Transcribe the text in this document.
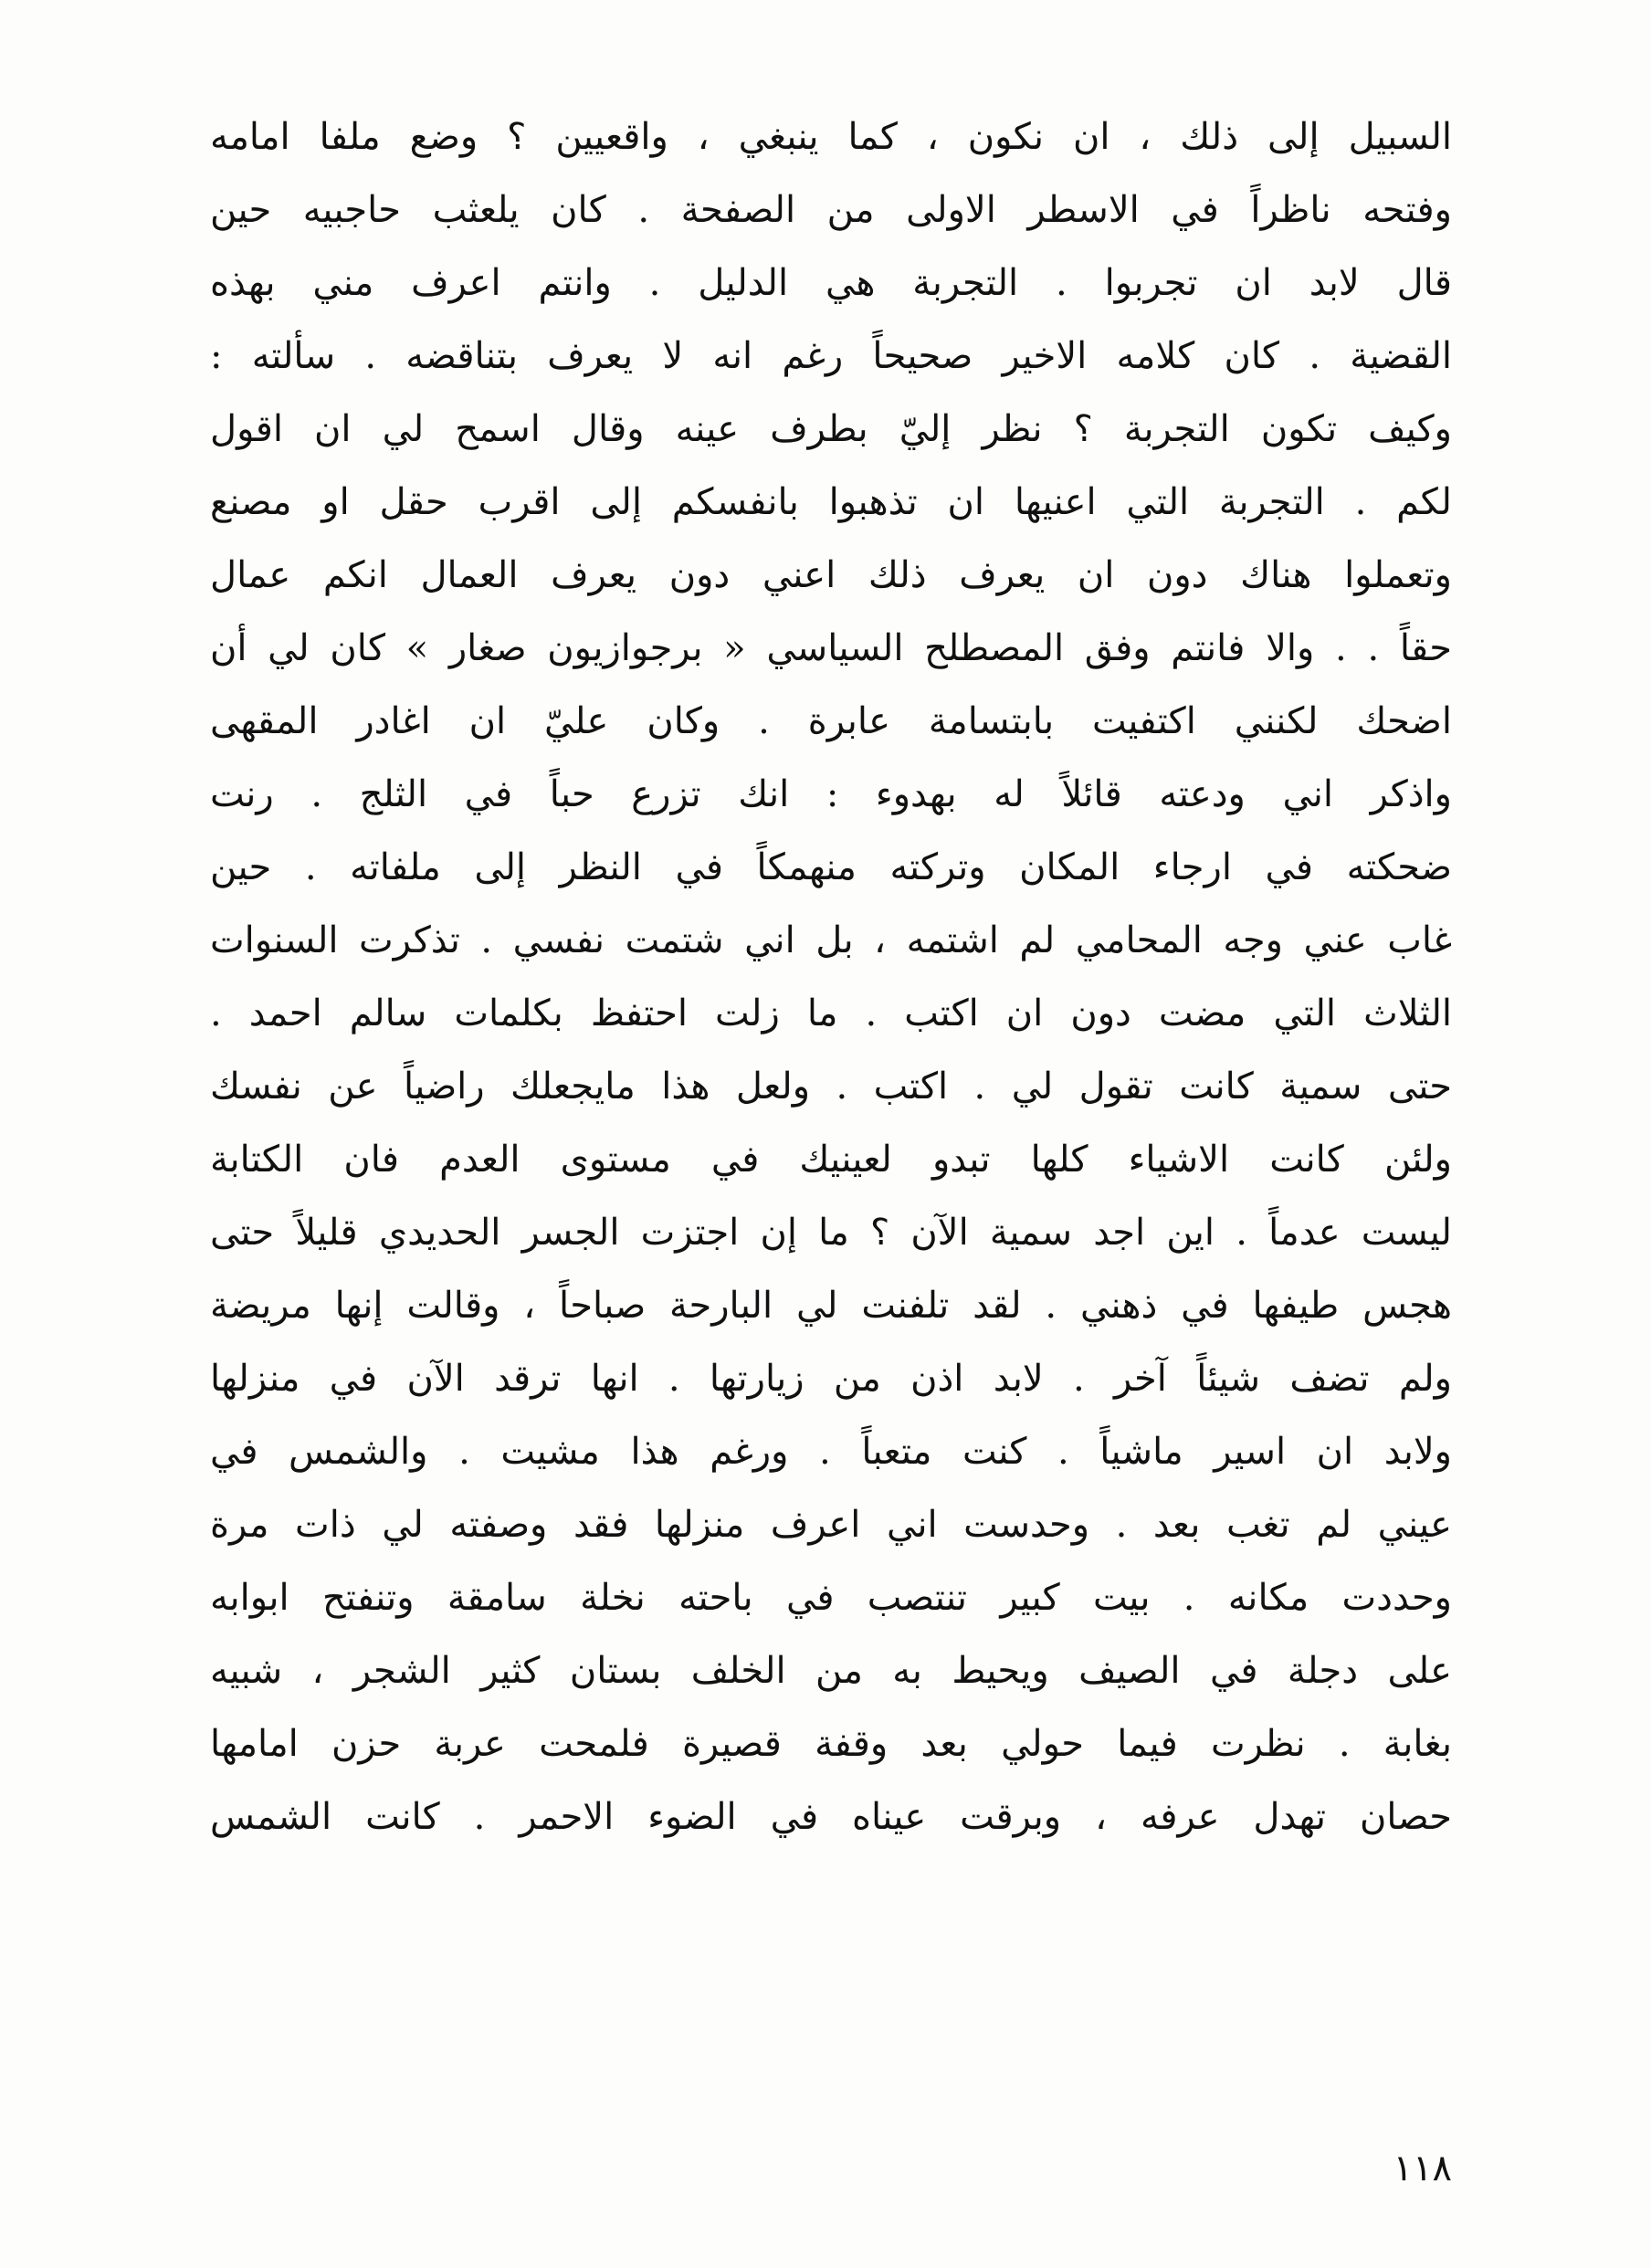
السبيل إلى ذلك ، ان نكون ، كما ينبغي ، واقعيين ؟ وضع ملفا امامه
وفتحه ناظراً في الاسطر الاولى من الصفحة . كان يلعثب حاجبيه حين
قال لابد ان تجربوا . التجربة هي الدليل . وانتم اعرف مني بهذه
القضية . كان كلامه الاخير صحيحاً رغم انه لا يعرف بتناقضه . سألته :
وكيف تكون التجربة ؟ نظر إليّ بطرف عينه وقال اسمح لي ان اقول
لكم . التجربة التي اعنيها ان تذهبوا بانفسكم إلى اقرب حقل او مصنع
وتعملوا هناك دون ان يعرف ذلك اعني دون يعرف العمال انكم عمال
حقاً . . والا فانتم وفق المصطلح السياسي « برجوازيون صغار » كان لي أن
اضحك لكنني اكتفيت بابتسامة عابرة . وكان عليّ ان اغادر المقهى
واذكر اني ودعته قائلاً له بهدوء : انك تزرع حباً في الثلج . رنت
ضحكته في ارجاء المكان وتركته منهمكاً في النظر إلى ملفاته . حين
غاب عني وجه المحامي لم اشتمه ، بل اني شتمت نفسي . تذكرت السنوات
الثلاث التي مضت دون ان اكتب . ما زلت احتفظ بكلمات سالم احمد .
حتى سمية كانت تقول لي . اكتب . ولعل هذا مايجعلك راضياً عن نفسك
ولئن كانت الاشياء كلها تبدو لعينيك في مستوى العدم فان الكتابة
ليست عدماً . اين اجد سمية الآن ؟ ما إن اجتزت الجسر الحديدي قليلاً حتى
هجس طيفها في ذهني . لقد تلفنت لي البارحة صباحاً ، وقالت إنها مريضة
ولم تضف شيئاً آخر . لابد اذن من زيارتها . انها ترقد الآن في منزلها
ولابد ان اسير ماشياً . كنت متعباً . ورغم هذا مشيت . والشمس في
عيني لم تغب بعد . وحدست اني اعرف منزلها فقد وصفته لي ذات مرة
وحددت مكانه . بيت كبير تنتصب في باحته نخلة سامقة وتنفتح ابوابه
على دجلة في الصيف ويحيط به من الخلف بستان كثير الشجر ، شبيه
بغابة . نظرت فيما حولي بعد وقفة قصيرة فلمحت عربة حزن امامها
حصان تهدل عرفه ، وبرقت عيناه في الضوء الاحمر . كانت الشمس
١١٨
